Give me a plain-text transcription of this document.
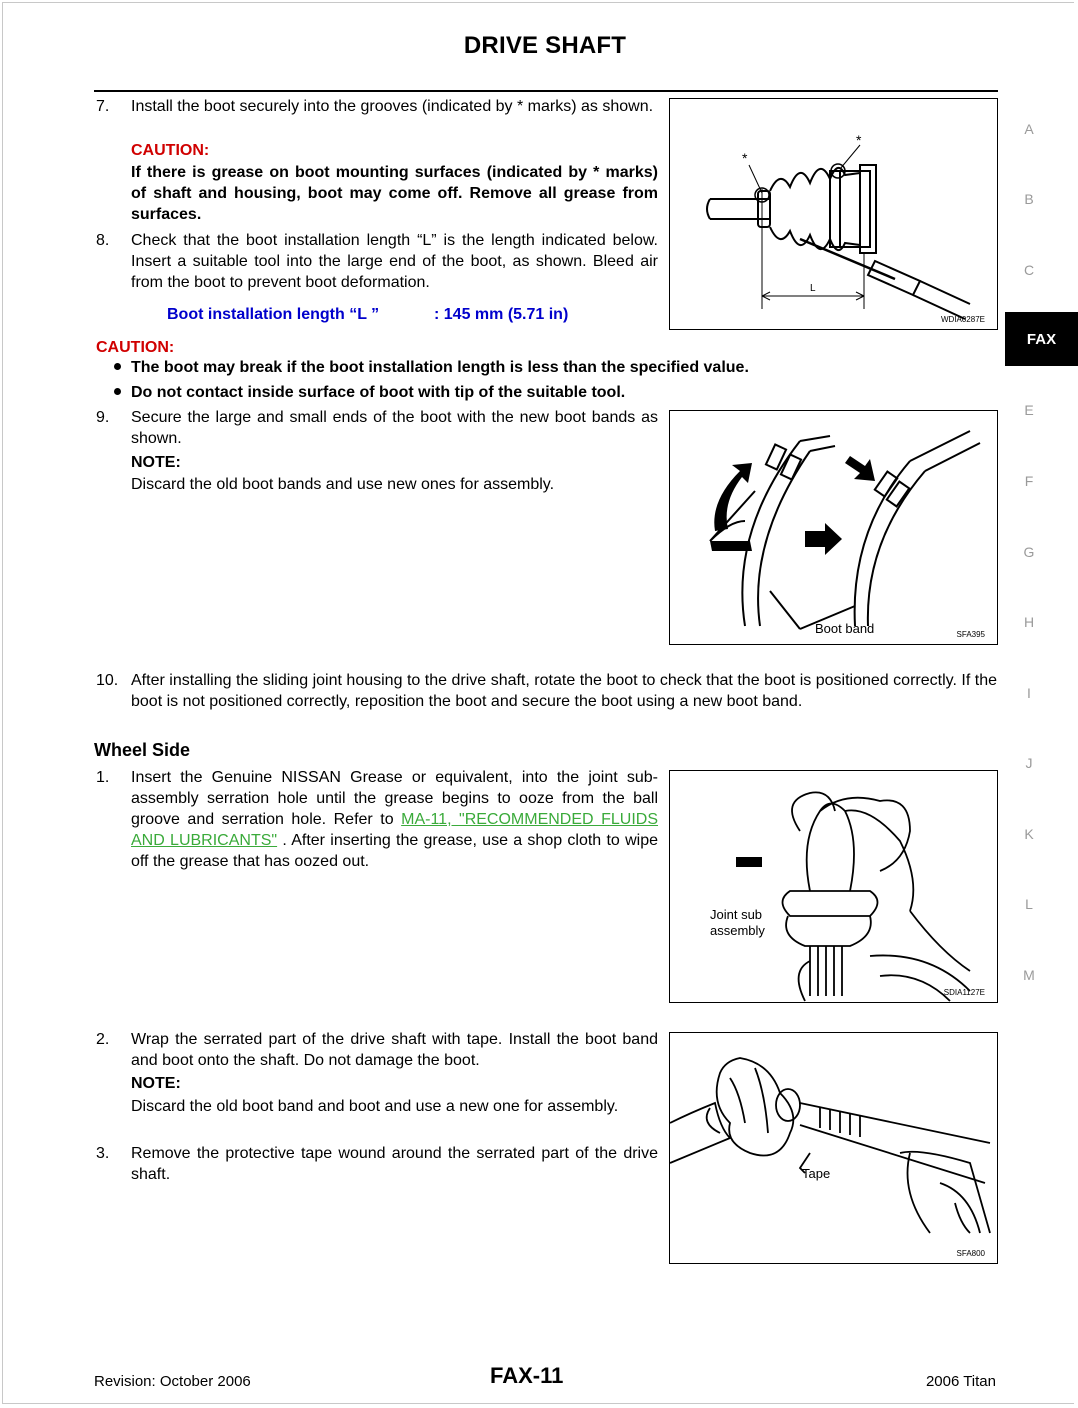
DRIVE SHAFT
A
B
C
FAX
E
F
G
H
I
J
K
L
M
7. Install the boot securely into the grooves (indicated by * marks) as shown.
CAUTION:
If there is grease on boot mounting surfaces (indicated by * marks) of shaft and housing, boot may come off. Remove all grease from surfaces.
8. Check that the boot installation length “L” is the length indicated below. Insert a suitable tool into the large end of the boot, as shown. Bleed air from the boot to prevent boot deformation.
Boot installation length “L ”	: 145 mm (5.71 in)
*
*
L
WDIA0287E
CAUTION:
The boot may break if the boot installation length is less than the specified value.
Do not contact inside surface of boot with tip of the suitable tool.
9. Secure the large and small ends of the boot with the new boot bands as shown.
NOTE:
Discard the old boot bands and use new ones for assembly.
Boot band	SFA395
10. After installing the sliding joint housing to the drive shaft, rotate the boot to check that the boot is positioned correctly. If the boot is not positioned correctly, reposition the boot and secure the boot using a new boot band.
Wheel Side
1. Insert the Genuine NISSAN Grease or equivalent, into the joint sub-assembly serration hole until the grease begins to ooze from the ball groove and serration hole. Refer to MA-11, "RECOMMENDED FLUIDS AND LUBRICANTS" . After inserting the grease, use a shop cloth to wipe off the grease that has oozed out.
Joint sub
assembly
SDIA1127E
2. Wrap the serrated part of the drive shaft with tape. Install the boot band and boot onto the shaft. Do not damage the boot.
NOTE:
Discard the old boot band and boot and use a new one for assembly.
3. Remove the protective tape wound around the serrated part of the drive shaft.	Tape
SFA800
Revision: October 2006	FAX-11	2006 Titan
